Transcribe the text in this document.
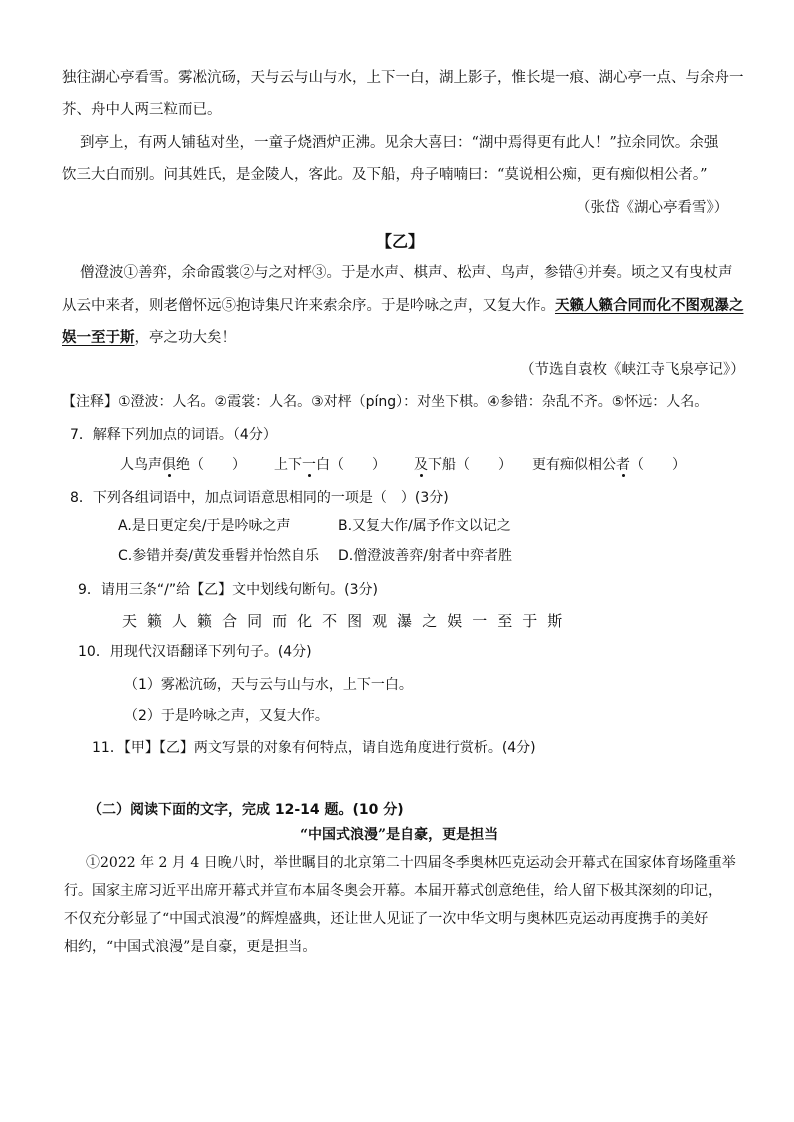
独往湖心亭看雪。雾凇沆砀，天与云与山与水，上下一白，湖上影子，惟长堤一痕、湖心亭一点、与余舟一
芥、舟中人两三粒而已。
到亭上，有两人铺毡对坐，一童子烧酒炉正沸。见余大喜曰：“湖中焉得更有此人！”拉余同饮。余强
饮三大白而别。问其姓氏，是金陵人，客此。及下船，舟子喃喃曰：“莫说相公痴，更有痴似相公者。”
（张岱《湖心亭看雪》）
【乙】
僧澄波①善弈，余命霞裳②与之对枰③。于是水声、棋声、松声、鸟声，参错④并奏。顷之又有曳杖声
从云中来者，则老僧怀远⑤抱诗集尺许来索余序。于是吟咏之声，又复大作。天籁人籁合同而化不图观瀑之
娱一至于斯，亭之功大矣！
（节选自袁枚《峡江寺飞泉亭记》）
【注释】①澄波：人名。②霞裳：人名。③对枰（píng）：对坐下棋。④参错：杂乱不齐。⑤怀远：人名。
7．解释下列加点的词语。（4分）
人鸟声俱绝（　　） 上下一白（　　） 及下船（　　） 更有痴似相公者（　　）
8．下列各组词语中，加点词语意思相同的一项是（　）(3分)
A.是日更定矣/于是吟咏之声	B.又复大作/属予作文以记之
C.参错并奏/黄发垂髫并怡然自乐 D.僧澄波善弈/射者中弈者胜
9．请用三条“/”给【乙】文中划线句断句。(3分)
天 籁 人 籁 合 同 而 化 不 图 观 瀑 之 娱 一 至 于 斯
10．用现代汉语翻译下列句子。(4分)
（1）雾凇沆砀，天与云与山与水，上下一白。
（2）于是吟咏之声，又复大作。
11．【甲】【乙】两文写景的对象有何特点，请自选角度进行赏析。(4分)
（二）阅读下面的文字，完成 12-14 题。(10 分)
“中国式浪漫”是自豪，更是担当
①2022 年 2 月 4 日晚八时，举世瞩目的北京第二十四届冬季奥林匹克运动会开幕式在国家体育场隆重举
行。国家主席习近平出席开幕式并宣布本届冬奥会开幕。本届开幕式创意绝佳，给人留下极其深刻的印记，
不仅充分彰显了“中国式浪漫”的辉煌盛典，还让世人见证了一次中华文明与奥林匹克运动再度携手的美好
相约，“中国式浪漫”是自豪，更是担当。
